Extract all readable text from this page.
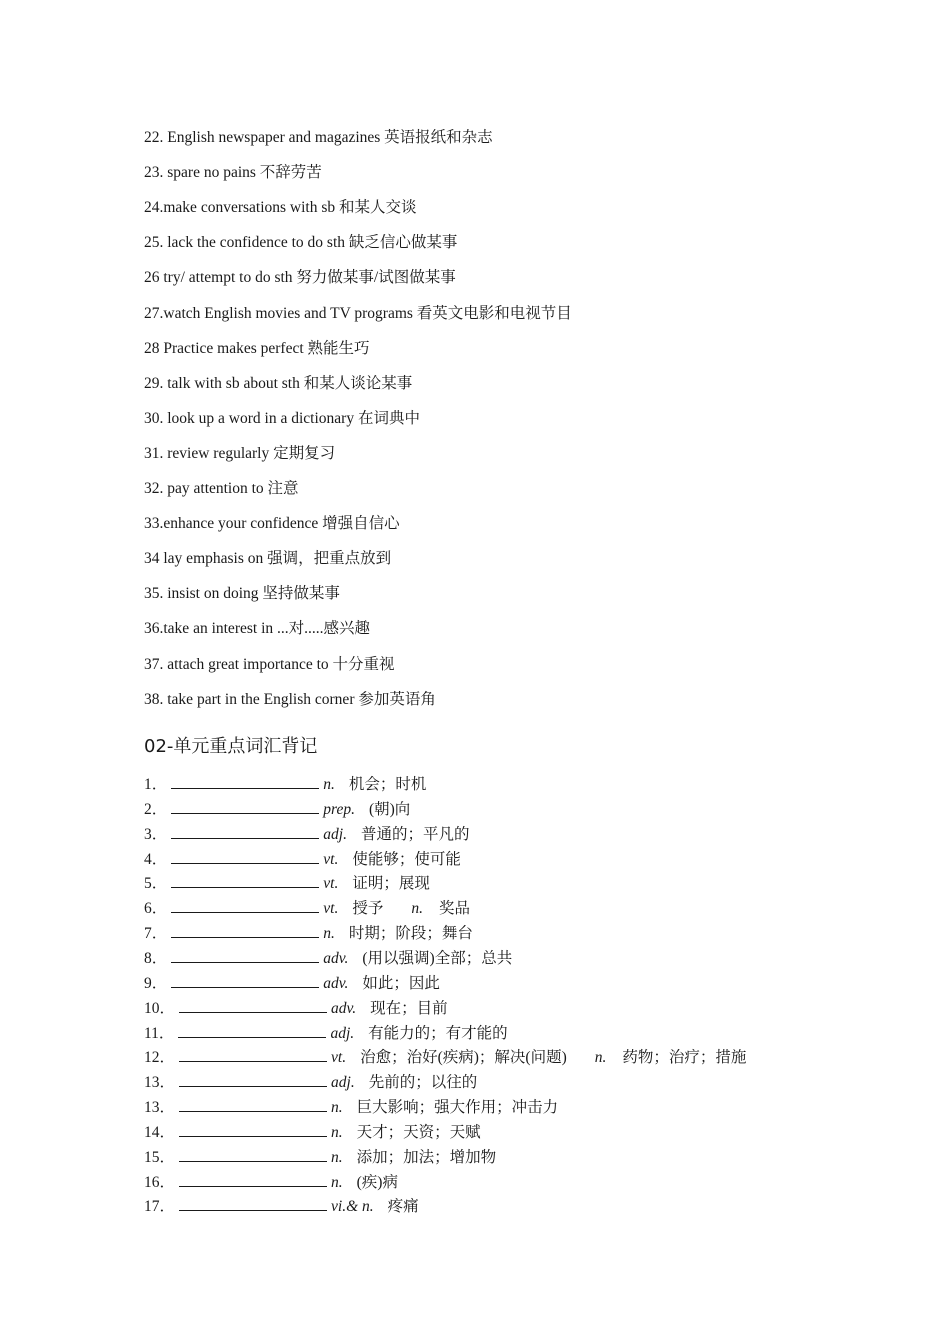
22. English newspaper and magazines 英语报纸和杂志
23. spare no pains 不辞劳苦
24.make conversations with sb 和某人交谈
25. lack the confidence to do sth 缺乏信心做某事
26 try/ attempt to do sth 努力做某事/试图做某事
27.watch English movies and TV programs 看英文电影和电视节目
28 Practice makes perfect 熟能生巧
29. talk with sb about sth 和某人谈论某事
30. look up a word in a dictionary 在词典中
31. review regularly 定期复习
32. pay attention to 注意
33.enhance your confidence 增强自信心
34 lay emphasis on 强调，把重点放到
35. insist on doing 坚持做某事
36.take an interest in ...对.....感兴趣
37. attach great importance to 十分重视
38. take part in the English corner 参加英语角
02-单元重点词汇背记
1．	n. 机会；时机
2．	prep. (朝)向
3．	adj. 普通的；平凡的
4．	vt. 使能够；使可能
5．	vt. 证明；展现
6．	vt. 授予 n. 奖品
7．	n. 时期；阶段；舞台
8．	adv. (用以强调)全部；总共
9．	adv. 如此；因此
10．	adv. 现在；目前
11．	adj. 有能力的；有才能的
12．	vt. 治愈；治好(疾病)；解决(问题) n. 药物；治疗；措施
13．	adj. 先前的；以往的
13．	n. 巨大影响；强大作用；冲击力
14．	n. 天才；天资；天赋
15．	n. 添加；加法；增加物
16．	n. (疾)病
17．	vi.& n. 疼痛
